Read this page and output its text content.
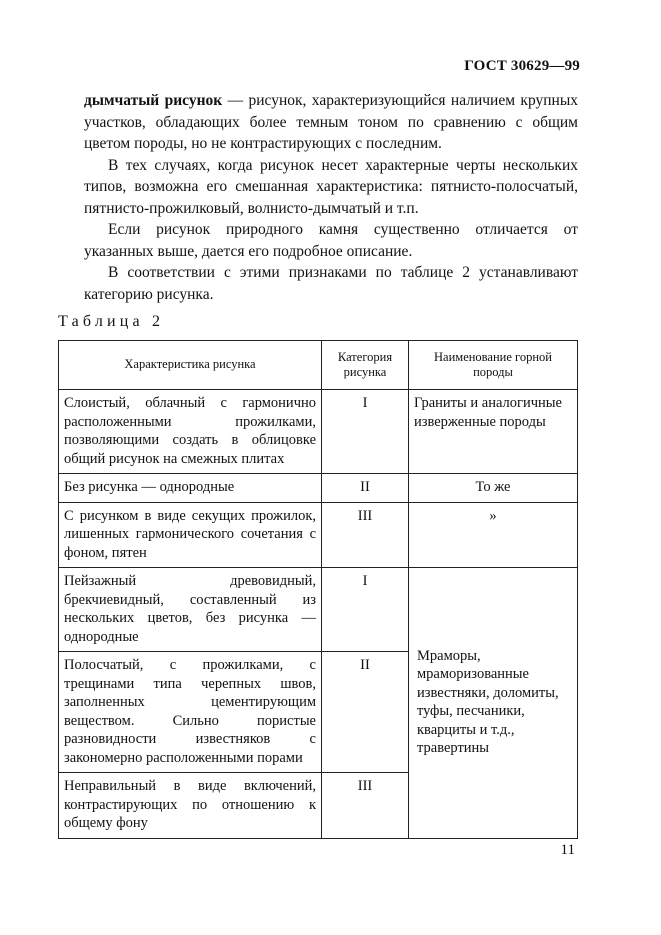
ГОСТ 30629—99

дымчатый рисунок — рисунок, характеризующийся наличием крупных участков, обладающих более темным тоном по сравнению с общим цветом породы, но не контрастирующих с последним.

В тех случаях, когда рисунок несет характерные черты нескольких типов, возможна его смешанная характеристика: пятнисто-полосчатый, пятнисто-прожилковый, волнисто-дымчатый и т.п.

Если рисунок природного камня существенно отличается от указанных выше, дается его подробное описание.

В соответствии с этими признаками по таблице 2 устанавливают категорию рисунка.

Таблица 2
Характеристика рисунка	Категория рисунка	Наименование горной породы
Слоистый, облачный с гармонично расположенными прожилками, позволяющими создать в облицовке общий рисунок на смежных плитах	I	Граниты и аналогичные изверженные породы
Без рисунка — однородные	II	То же
С рисунком в виде секущих прожилок, лишенных гармонического сочетания с фоном, пятен	III	»
Пейзажный древовидный, брекчиевидный, составленный из нескольких цветов, без рисунка — однородные	I	Мраморы, мраморизованные известняки, доломиты, туфы, песчаники, кварциты и т.д., травертины
Полосчатый, с прожилками, с трещинами типа черепных швов, заполненных цементирующим веществом. Сильно пористые разновидности известняков с закономерно расположенными порами	II	
Неправильный в виде включений, контрастирующих по отношению к общему фону	III	
11
